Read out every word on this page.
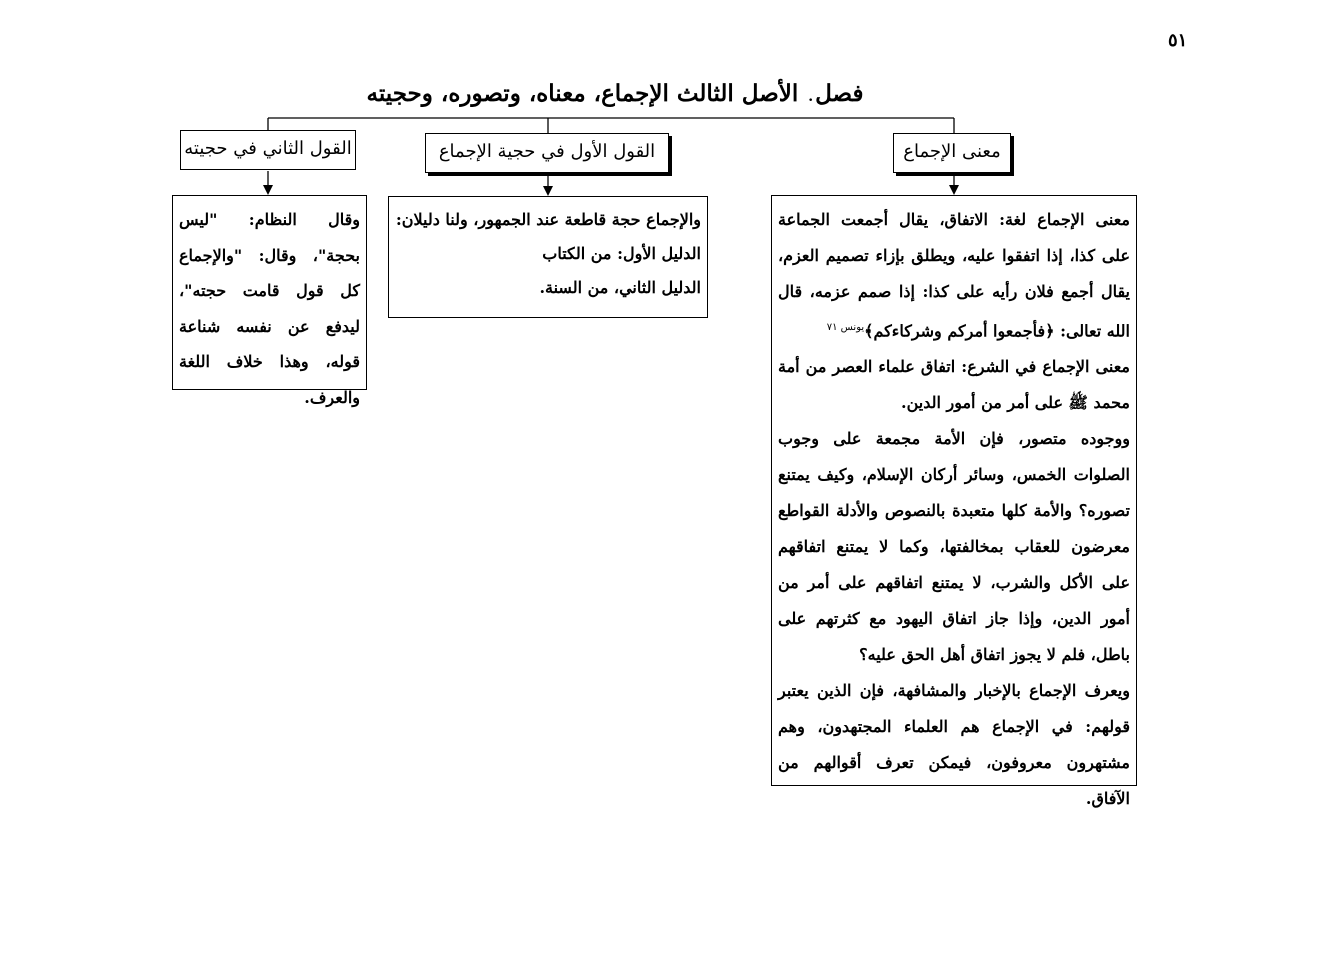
٥١
فصل. الأصل الثالث الإجماع، معناه، وتصوره، وحجيته
معنى الإجماع
القول الأول في حجية الإجماع
القول الثاني في حجيته

معنى الإجماع لغة: الاتفاق، يقال أجمعت الجماعة على كذا، إذا اتفقوا عليه، ويطلق بإزاء تصميم العزم، يقال أجمع فلان رأيه على كذا: إذا صمم عزمه، قال الله تعالى: ﴿فأجمعوا أمركم وشركاءكم﴾$^{يونس ٧١}$

معنى الإجماع في الشرع: اتفاق علماء العصر من أمة محمد ﷺ على أمر من أمور الدين.

ووجوده متصور، فإن الأمة مجمعة على وجوب الصلوات الخمس، وسائر أركان الإسلام، وكيف يمتنع تصوره؟ والأمة كلها متعبدة بالنصوص والأدلة القواطع معرضون للعقاب بمخالفتها، وكما لا يمتنع اتفاقهم على الأكل والشرب، لا يمتنع اتفاقهم على أمر من أمور الدين، وإذا جاز اتفاق اليهود مع كثرتهم على باطل، فلم لا يجوز اتفاق أهل الحق عليه؟

ويعرف الإجماع بالإخبار والمشافهة، فإن الذين يعتبر قولهم: في الإجماع هم العلماء المجتهدون، وهم مشتهرون معروفون، فيمكن تعرف أقوالهم من الآفاق.

والإجماع حجة قاطعة عند الجمهور، ولنا دليلان:

الدليل الأول: من الكتاب

الدليل الثاني، من السنة.

وقال النظام: "ليس بحجة"، وقال: "والإجماع كل قول قامت حجته"، ليدفع عن نفسه شناعة قوله، وهذا خلاف اللغة والعرف.
